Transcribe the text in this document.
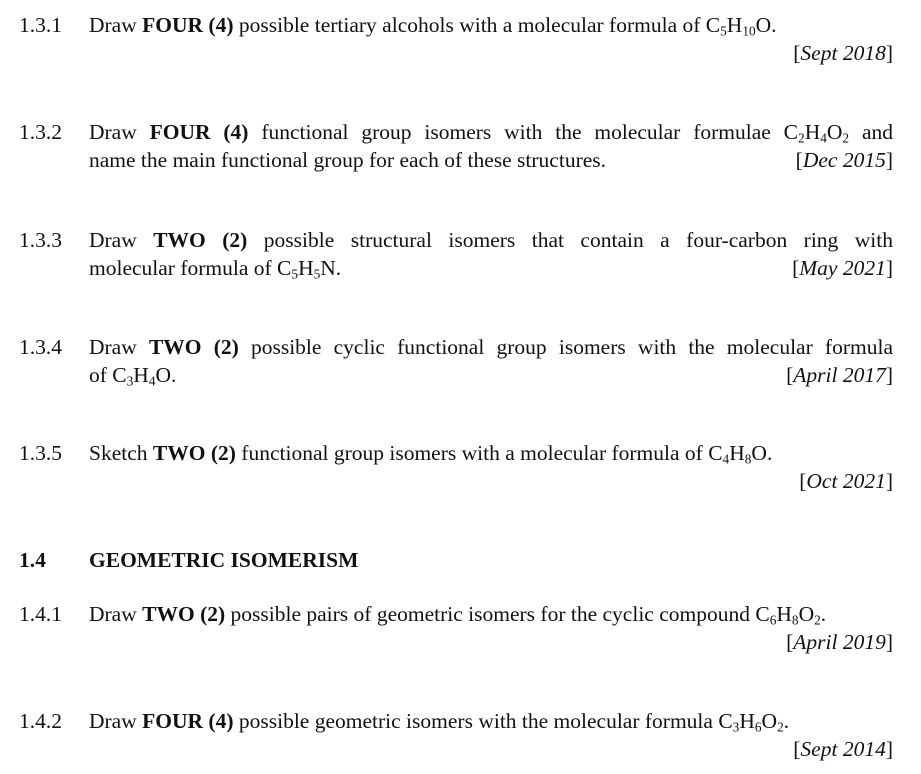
1.3.1 Draw FOUR (4) possible tertiary alcohols with a molecular formula of $C_5H_{10}O$.
[Sept 2018]
1.3.2 Draw FOUR (4) functional group isomers with the molecular formulae $C_2H_4O_2$ and
name the main functional group for each of these structures.	[Dec 2015]
1.3.3 Draw TWO (2) possible structural isomers that contain a four-carbon ring with
molecular formula of $C_5H_5N$.	[May 2021]
1.3.4 Draw TWO (2) possible cyclic functional group isomers with the molecular formula
of $C_3H_4O$.	[April 2017]
1.3.5 Sketch TWO (2) functional group isomers with a molecular formula of $C_4H_8O$.
[Oct 2021]
1.4 GEOMETRIC ISOMERISM
1.4.1 Draw TWO (2) possible pairs of geometric isomers for the cyclic compound $C_6H_8O_2$.
[April 2019]
1.4.2 Draw FOUR (4) possible geometric isomers with the molecular formula $C_3H_6O_2$.
[Sept 2014]
